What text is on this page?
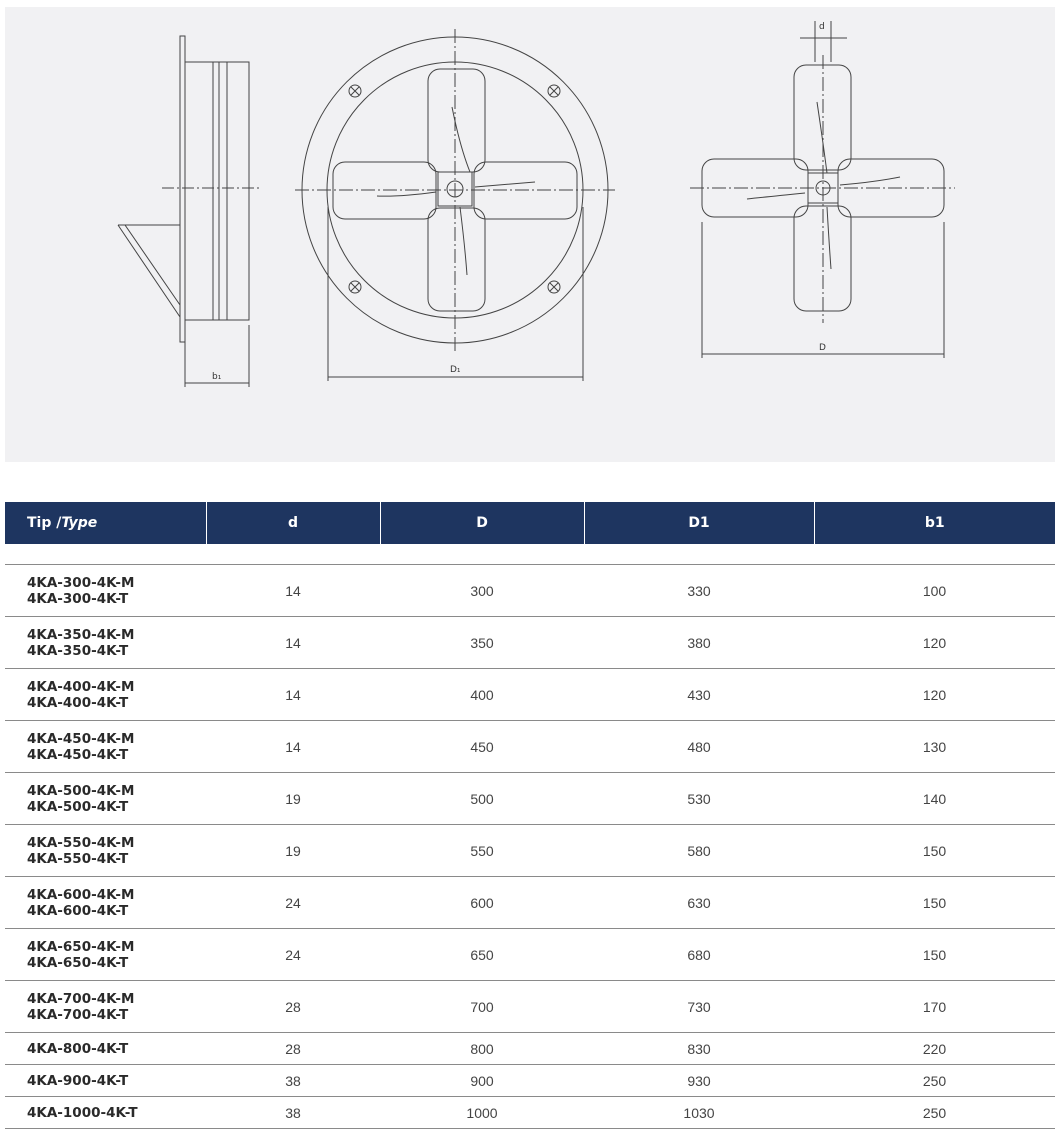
b₁
D₁
d
D
Tip /Type	d	D	D1	b1

4KA-300-4K-M
4KA-300-4K-T	14	300	330	100

4KA-350-4K-M
4KA-350-4K-T	14	350	380	120

4KA-400-4K-M
4KA-400-4K-T	14	400	430	120

4KA-450-4K-M
4KA-450-4K-T	14	450	480	130

4KA-500-4K-M
4KA-500-4K-T	19	500	530	140

4KA-550-4K-M
4KA-550-4K-T	19	550	580	150

4KA-600-4K-M
4KA-600-4K-T	24	600	630	150

4KA-650-4K-M
4KA-650-4K-T	24	650	680	150

4KA-700-4K-M
4KA-700-4K-T	28	700	730	170

4KA-800-4K-T	28	800	830	220

4KA-900-4K-T	38	900	930	250

4KA-1000-4K-T	38	1000	1030	250
